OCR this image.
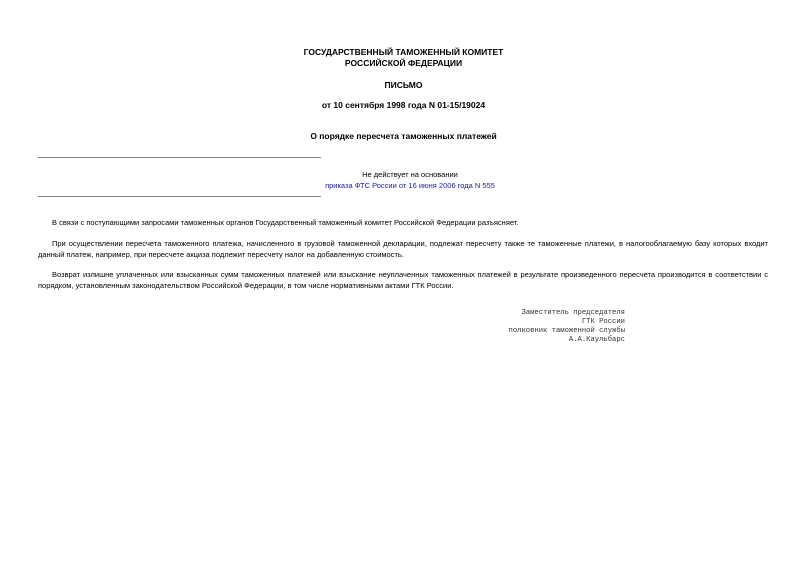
ГОСУДАРСТВЕННЫЙ ТАМОЖЕННЫЙ КОМИТЕТ
РОССИЙСКОЙ ФЕДЕРАЦИИ
ПИСЬМО
от 10 сентября 1998 года N 01-15/19024
О порядке пересчета таможенных платежей
Не действует на основании
приказа ФТС России от 16 июня 2006 года N 555
В связи с поступающими запросами таможенных органов Государственный таможенный комитет Российской Федерации разъясняет.
При осуществлении пересчета таможенного платежа, начисленного в грузовой таможенной декларации, подлежат пересчету также те таможенные платежи, в налогооблагаемую базу которых входит данный платеж, например, при пересчете акциза подлежит пересчету налог на добавленную стоимость.
Возврат излишне уплаченных или взысканных сумм таможенных платежей или взыскание неуплаченных таможенных платежей в результате произведенного пересчета производится в соответствии с порядком, установленным законодательством Российской Федерации, в том числе нормативными актами ГТК России.
Заместитель председателя
ГТК России
полковник таможенной службы
А.А.Каульбарс
